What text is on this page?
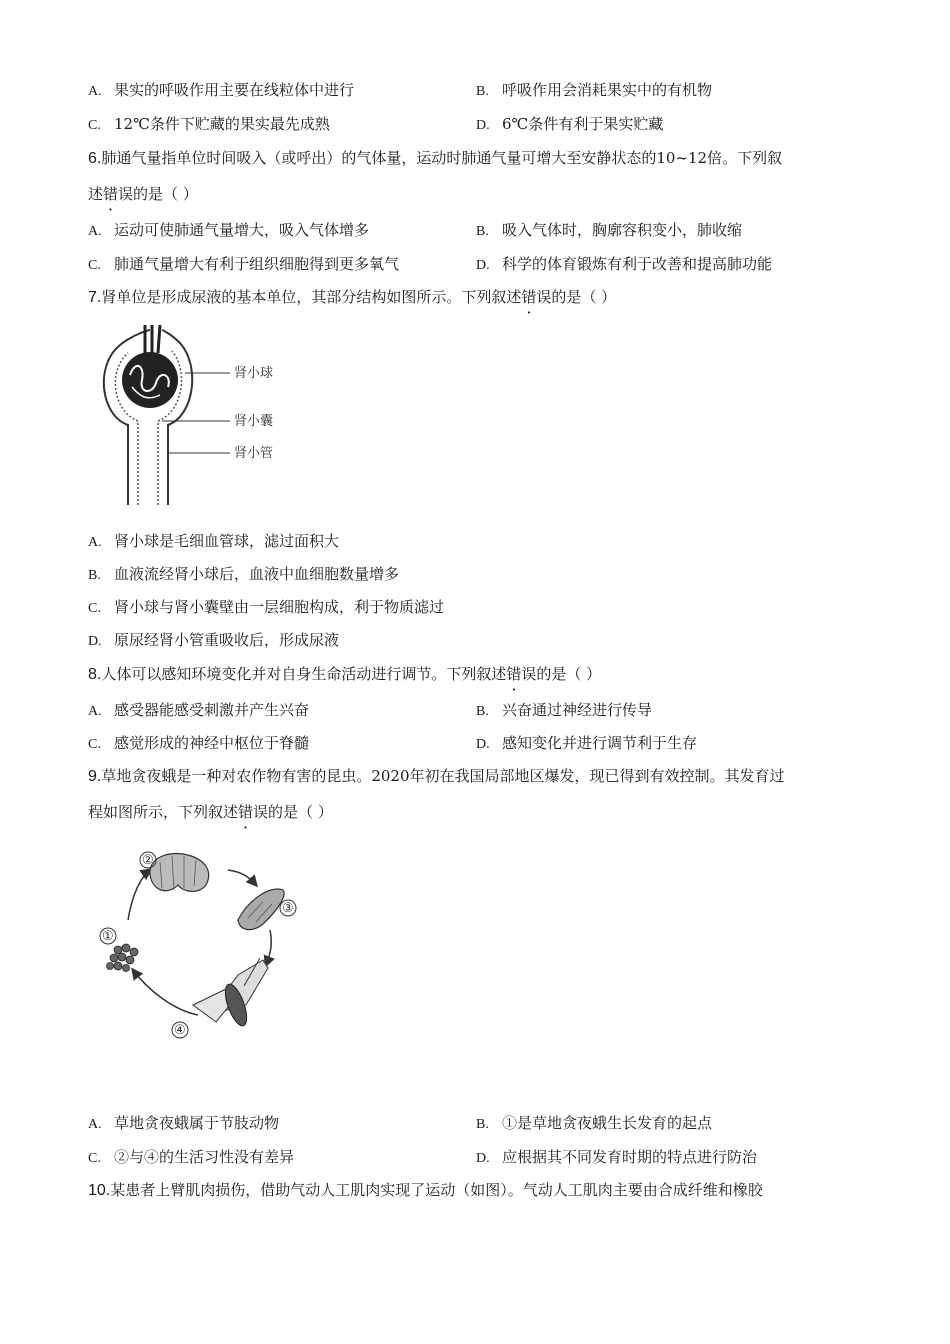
A. 果实的呼吸作用主要在线粒体中进行	B. 呼吸作用会消耗果实中的有机物
C. 12℃条件下贮藏的果实最先成熟	D. 6℃条件有利于果实贮藏
6.肺通气量指单位时间吸入（或呼出）的气体量，运动时肺通气量可增大至安静状态的10~12倍。下列叙
述错误的是（ ）
A. 运动可使肺通气量增大，吸入气体增多	B. 吸入气体时，胸廓容积变小，肺收缩
C. 肺通气量增大有利于组织细胞得到更多氧气	D. 科学的体育锻炼有利于改善和提高肺功能
7.肾单位是形成尿液的基本单位，其部分结构如图所示。下列叙述错误的是（ ）
肾小球
肾小囊
肾小管
A. 肾小球是毛细血管球，滤过面积大
B. 血液流经肾小球后，血液中血细胞数量增多
C. 肾小球与肾小囊壁由一层细胞构成，利于物质滤过
D. 原尿经肾小管重吸收后，形成尿液
8.人体可以感知环境变化并对自身生命活动进行调节。下列叙述错误的是（ ）
A. 感受器能感受刺激并产生兴奋	B. 兴奋通过神经进行传导
C. 感觉形成的神经中枢位于脊髓	D. 感知变化并进行调节利于生存
9.草地贪夜蛾是一种对农作物有害的昆虫。2020年初在我国局部地区爆发，现已得到有效控制。其发育过
程如图所示，下列叙述错误的是（ ）
②
③
①
④
A. 草地贪夜蛾属于节肢动物	B. ①是草地贪夜蛾生长发育的起点
C. ②与④的生活习性没有差异	D. 应根据其不同发育时期的特点进行防治
10.某患者上臂肌肉损伤，借助气动人工肌肉实现了运动（如图）。气动人工肌肉主要由合成纤维和橡胶
